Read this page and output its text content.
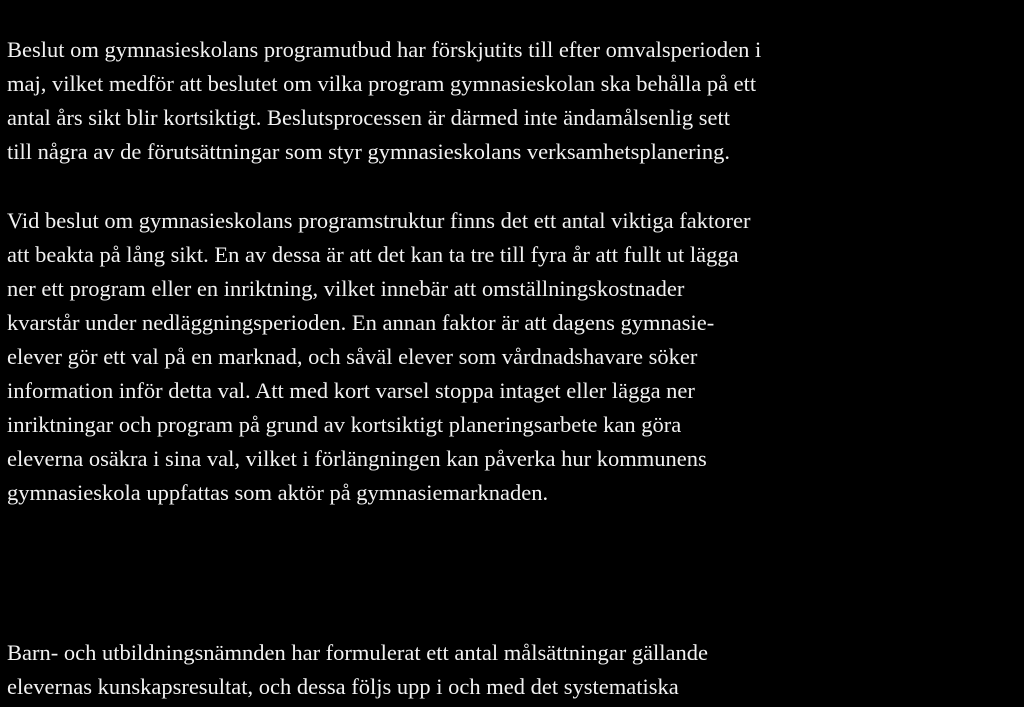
Beslut om gymnasieskolans programutbud har förskjutits till efter omvalsperioden i
maj, vilket medför att beslutet om vilka program gymnasieskolan ska behålla på ett
antal års sikt blir kortsiktigt. Beslutsprocessen är därmed inte ändamålsenlig sett
till några av de förutsättningar som styr gymnasieskolans verksamhetsplanering.

Vid beslut om gymnasieskolans programstruktur finns det ett antal viktiga faktorer
att beakta på lång sikt. En av dessa är att det kan ta tre till fyra år att fullt ut lägga
ner ett program eller en inriktning, vilket innebär att omställningskostnader
kvarstår under nedläggningsperioden. En annan faktor är att dagens gymnasie-
elever gör ett val på en marknad, och såväl elever som vårdnadshavare söker
information inför detta val. Att med kort varsel stoppa intaget eller lägga ner
inriktningar och program på grund av kortsiktigt planeringsarbete kan göra
eleverna osäkra i sina val, vilket i förlängningen kan påverka hur kommunens
gymnasieskola uppfattas som aktör på gymnasiemarknaden.

Barn- och utbildningsnämnden har formulerat ett antal målsättningar gällande
elevernas kunskapsresultat, och dessa följs upp i och med det systematiska
